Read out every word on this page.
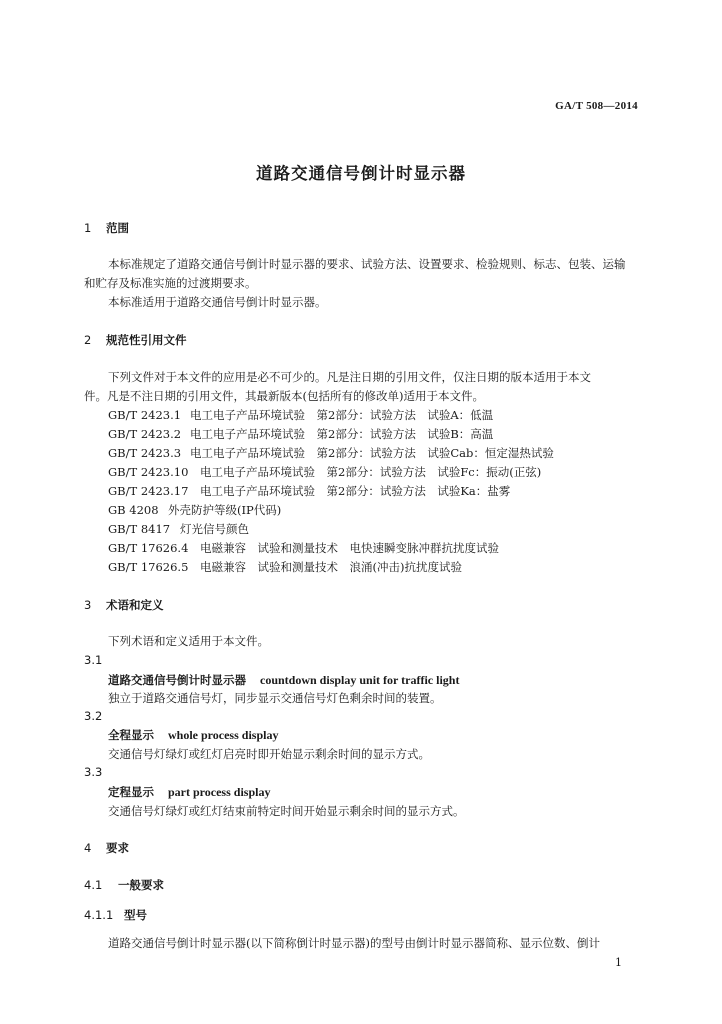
GA/T 508—2014
道路交通信号倒计时显示器
1 范围
本标准规定了道路交通信号倒计时显示器的要求、试验方法、设置要求、检验规则、标志、包装、运输
和贮存及标准实施的过渡期要求。
本标准适用于道路交通信号倒计时显示器。
2 规范性引用文件
下列文件对于本文件的应用是必不可少的。凡是注日期的引用文件，仅注日期的版本适用于本文
件。凡是不注日期的引用文件，其最新版本(包括所有的修改单)适用于本文件。
GB/T 2423.1 电工电子产品环境试验　第2部分：试验方法　试验A：低温
GB/T 2423.2 电工电子产品环境试验　第2部分：试验方法　试验B：高温
GB/T 2423.3 电工电子产品环境试验　第2部分：试验方法　试验Cab：恒定湿热试验
GB/T 2423.10 电工电子产品环境试验　第2部分：试验方法　试验Fc：振动(正弦)
GB/T 2423.17 电工电子产品环境试验　第2部分：试验方法　试验Ka：盐雾
GB 4208 外壳防护等级(IP代码)
GB/T 8417 灯光信号颜色
GB/T 17626.4 电磁兼容　试验和测量技术　电快速瞬变脉冲群抗扰度试验
GB/T 17626.5 电磁兼容　试验和测量技术　浪涌(冲击)抗扰度试验
3 术语和定义
下列术语和定义适用于本文件。
3.1
道路交通信号倒计时显示器 countdown display unit for traffic light
独立于道路交通信号灯，同步显示交通信号灯色剩余时间的装置。
3.2
全程显示 whole process display
交通信号灯绿灯或红灯启亮时即开始显示剩余时间的显示方式。
3.3
定程显示 part process display
交通信号灯绿灯或红灯结束前特定时间开始显示剩余时间的显示方式。
4 要求
4.1 一般要求
4.1.1 型号
道路交通信号倒计时显示器(以下简称倒计时显示器)的型号由倒计时显示器简称、显示位数、倒计
1
